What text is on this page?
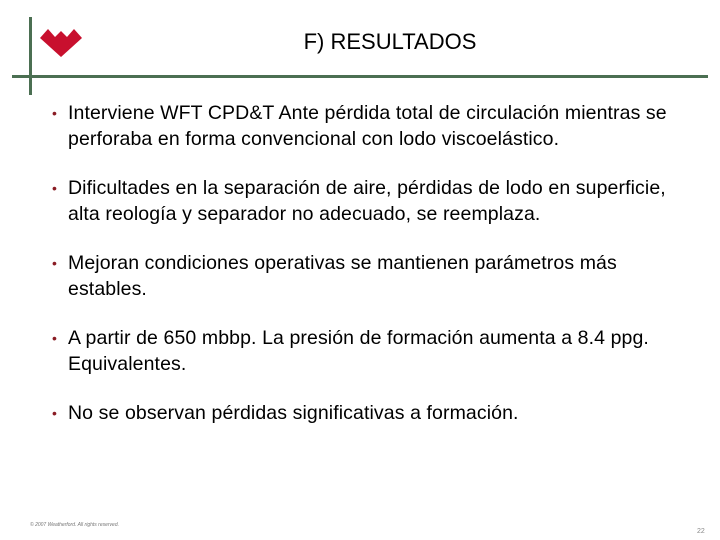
F) RESULTADOS
• Interviene WFT CPD&T Ante pérdida total de circulación mientras se perforaba en forma convencional con lodo viscoelástico.
• Dificultades en la separación de aire, pérdidas de lodo en superficie, alta reología y separador no adecuado, se reemplaza.
• Mejoran condiciones operativas se mantienen parámetros más estables.
• A partir de 650 mbbp. La presión de formación aumenta a 8.4 ppg. Equivalentes.
• No se observan pérdidas significativas a formación.
© 2007 Weatherford. All rights reserved.
22
